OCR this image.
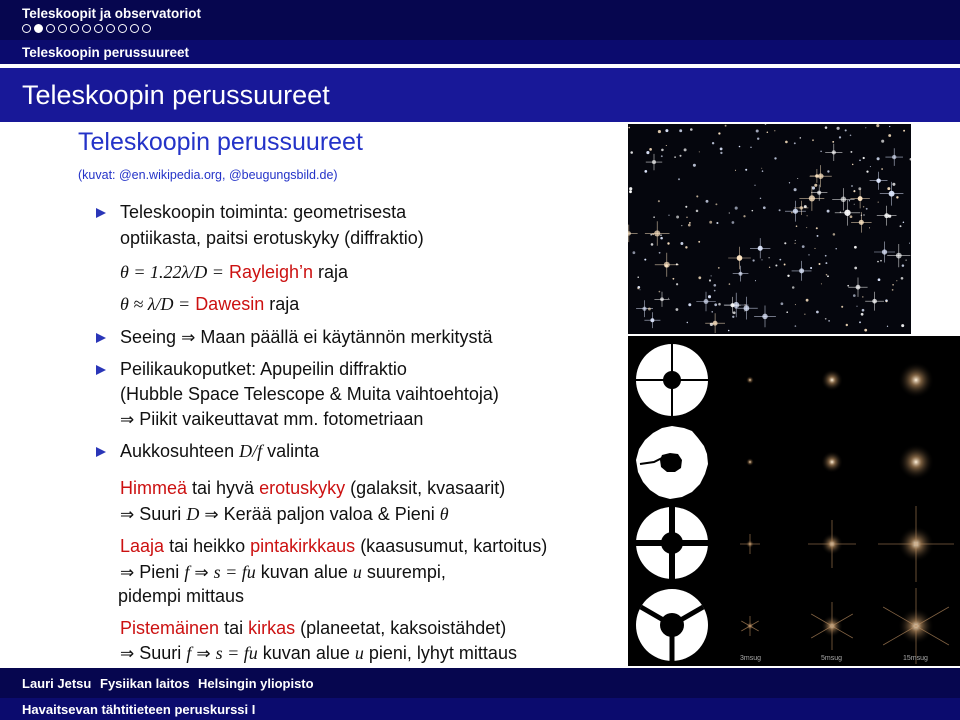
Teleskoopit ja observatoriot
Teleskoopin perussuureet
Teleskoopin perussuureet
Teleskoopin perussuureet
(kuvat: @en.wikipedia.org, @beugungsbild.de)
Teleskoopin toiminta: geometrisesta
optiikasta, paitsi erotuskyky (diffraktio)
θ = 1.22λ/D = Rayleigh’n raja
θ ≈ λ/D = Dawesin raja
Seeing ⇒ Maan päällä ei käytännön merkitystä
Peilikaukoputket: Apupeilin diffraktio
(Hubble Space Telescope & Muita vaihtoehtoja)
⇒ Piikit vaikeuttavat mm. fotometriaan
Aukkosuhteen D/f valinta
Himmeä tai hyvä erotuskyky (galaksit, kvasaarit)
⇒ Suuri D ⇒ Kerää paljon valoa & Pieni θ
Laaja tai heikko pintakirkkaus (kaasusumut, kartoitus)
⇒ Pieni f ⇒ s = fu kuvan alue u suurempi,
pidempi mittaus
Pistemäinen tai kirkas (planeetat, kaksoistähdet)
⇒ Suuri f ⇒ s = fu kuvan alue u pieni, lyhyt mittaus	3msug	5msug	15msug
Lauri Jetsu Fysiikan laitos Helsingin yliopisto
Havaitsevan tähtitieteen peruskurssi I
